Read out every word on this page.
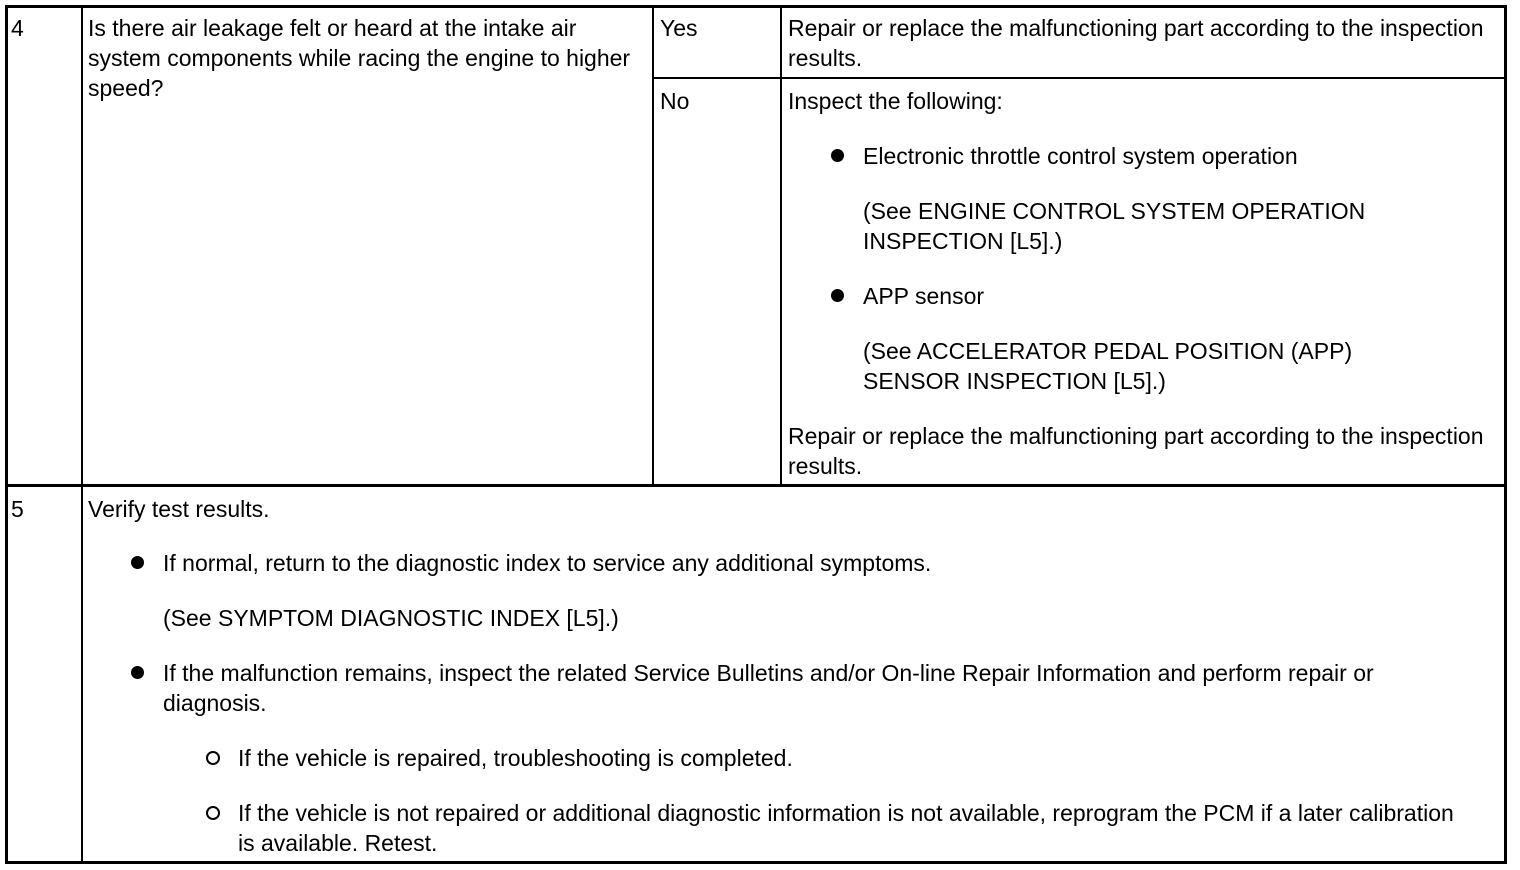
4	Is there air leakage felt or heard at the intake air system components while racing the engine to higher speed?
Yes	Repair or replace the malfunctioning part according to the inspection results.
No	Inspect the following:
Electronic throttle control system operation
(See ENGINE CONTROL SYSTEM OPERATION INSPECTION [L5].)
APP sensor
(See ACCELERATOR PEDAL POSITION (APP) SENSOR INSPECTION [L5].)
Repair or replace the malfunctioning part according to the inspection results.
5	Verify test results.
If normal, return to the diagnostic index to service any additional symptoms.
(See SYMPTOM DIAGNOSTIC INDEX [L5].)
If the malfunction remains, inspect the related Service Bulletins and/or On-line Repair Information and perform repair or diagnosis.
If the vehicle is repaired, troubleshooting is completed.
If the vehicle is not repaired or additional diagnostic information is not available, reprogram the PCM if a later calibration is available. Retest.
